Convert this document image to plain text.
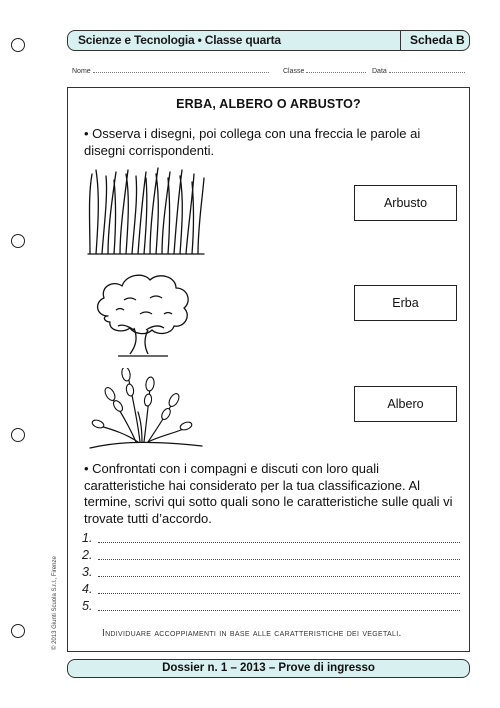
Scienze e Tecnologia • Classe quarta	Scheda B
Nome	Classe	Data
ERBA, ALBERO O ARBUSTO?
• Osserva i disegni, poi collega con una freccia le parole ai disegni corrispondenti.
Arbusto
Erba
Albero
• Confrontati con i compagni e discuti con loro quali caratteristiche hai considerato per la tua classificazione. Al termine, scrivi qui sotto quali sono le caratteristiche sulle quali vi trovate tutti d’accordo.
1.
2.
3.
4.
5.
Individuare accoppiamenti in base alle caratteristiche dei vegetali.
© 2013 Giunti Scuola S.r.l., Firenze
Dossier n. 1 – 2013 – Prove di ingresso
